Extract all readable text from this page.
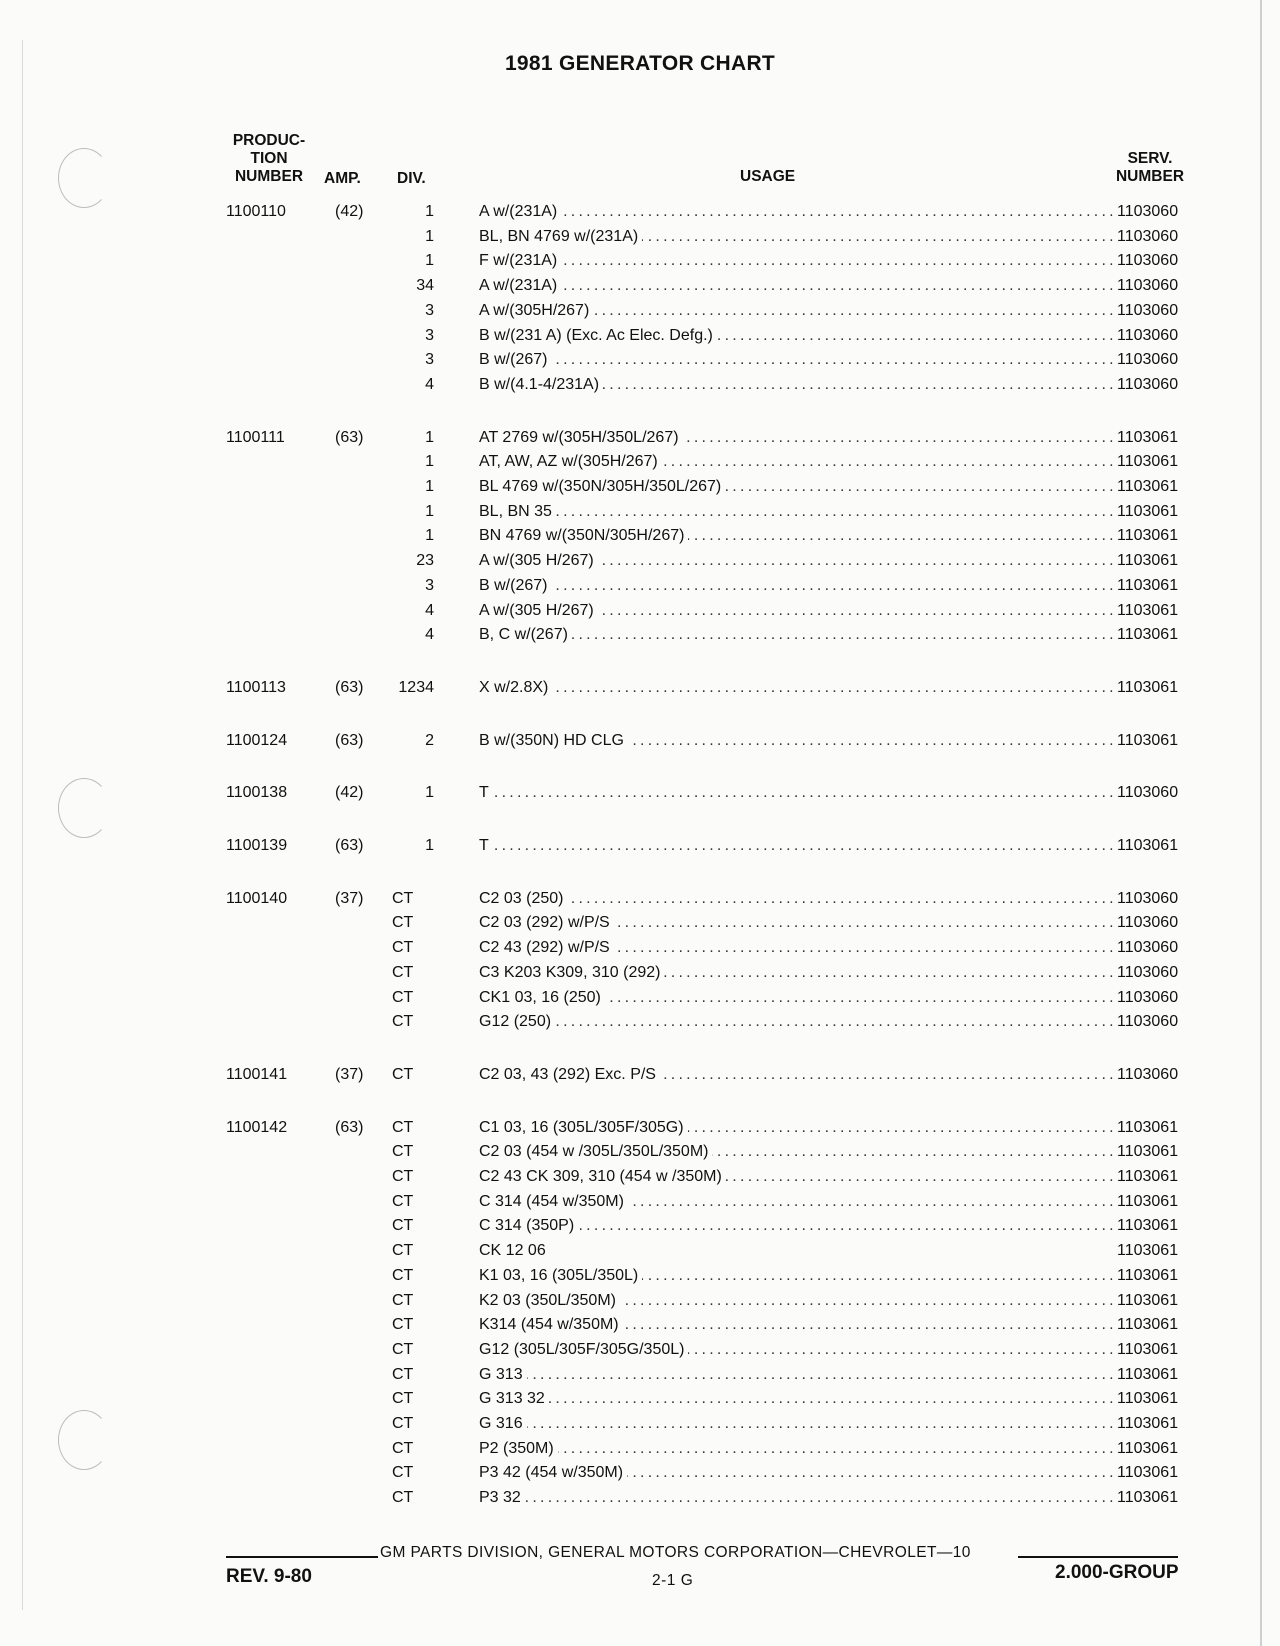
1981 GENERATOR CHART
PRODUC-
TION
NUMBER	AMP. DIV.	USAGE
SERV.
NUMBER
1100110	(42)	1	A w/(231A) . . .	1103060
1	BL, BN 4769 w/(231A) . . .	1103060
1	F w/(231A) . . .	1103060
34	A w/(231A) . . .	1103060
3	A w/(305H/267) . . .	1103060
3	B w/(231 A) (Exc. Ac Elec. Defg.) . . .	1103060
3	B w/(267) . . .	1103060
4	B w/(4.1-4/231A) . . .	1103060
1100111	(63)	1	AT 2769 w/(305H/350L/267) . . .	1103061
1	AT, AW, AZ w/(305H/267) . . .	1103061
1	BL 4769 w/(350N/305H/350L/267) . . .	1103061
1	BL, BN 35 . . .	1103061
1	BN 4769 w/(350N/305H/267) . . .	1103061
23	A w/(305 H/267) . . .	1103061
3	B w/(267) . . .	1103061
4	A w/(305 H/267) . . .	1103061
4	B, C w/(267) . . .	1103061
1100113	(63)	1234	X w/2.8X) . . .	1103061
1100124	(63)	2	B w/(350N) HD CLG . . .	1103061
1100138	(42)	1	T . . .	1103060
1100139	(63)	1	T . . .	1103061
1100140	(37) CT	C2 03 (250) . . .	1103060
CT	C2 03 (292) w/P/S . . .	1103060
CT	C2 43 (292) w/P/S . . .	1103060
CT	C3 K203 K309, 310 (292) . . .	1103060
CT	CK1 03, 16 (250) . . .	1103060
CT	G12 (250) . . .	1103060
1100141	(37) CT	C2 03, 43 (292) Exc. P/S . . .	1103060
1100142	(63) CT	C1 03, 16 (305L/305F/305G) . . .	1103061
CT	C2 03 (454 w /305L/350L/350M) . . .	1103061
CT	C2 43 CK 309, 310 (454 w /350M) . . .	1103061
CT	C 314 (454 w/350M) . . .	1103061
CT	C 314 (350P) . . .	1103061
CT	CK 12 06	1103061
CT	K1 03, 16 (305L/350L) . . .	1103061
CT	K2 03 (350L/350M) . . .	1103061
CT	K314 (454 w/350M) . . .	1103061
CT	G12 (305L/305F/305G/350L) . . .	1103061
CT	G 313 . . .	1103061
CT	G 313 32 . . .	1103061
CT	G 316 . . .	1103061
CT	P2 (350M) . . .	1103061
CT	P3 42 (454 w/350M) . . .	1103061
CT	P3 32 . . .	1103061
GM PARTS DIVISION, GENERAL MOTORS CORPORATION—CHEVROLET—10
REV. 9-80	2-1 G	2.000-GROUP
